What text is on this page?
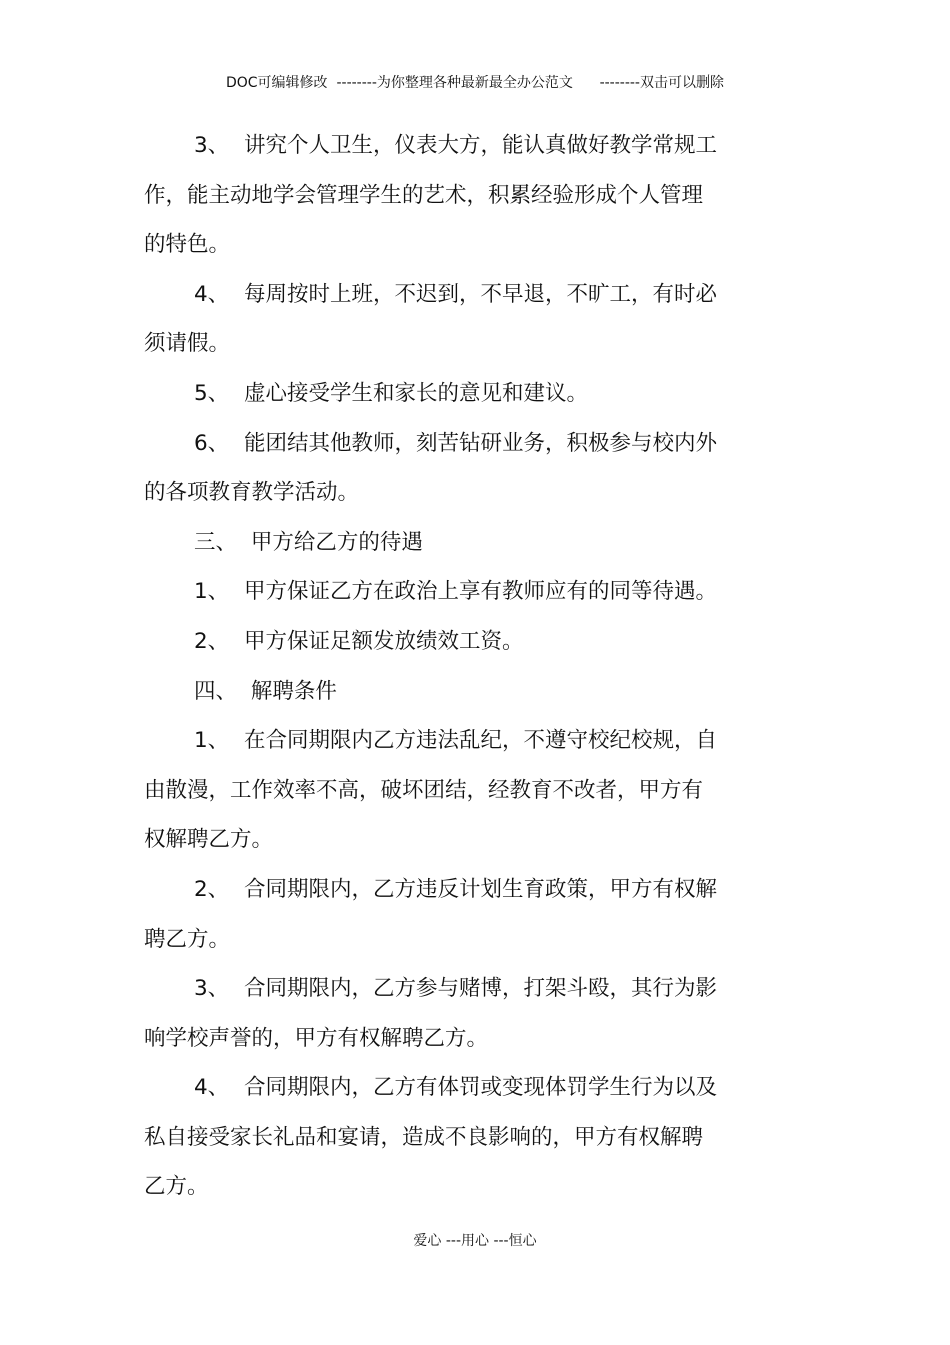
DOC可编辑修改  --------为你整理各种最新最全办公范文      --------双击可以删除
3、 讲究个人卫生，仪表大方，能认真做好教学常规工
作，能主动地学会管理学生的艺术，积累经验形成个人管理
的特色。
4、 每周按时上班，不迟到，不早退，不旷工，有时必
须请假。
5、 虚心接受学生和家长的意见和建议。
6、 能团结其他教师，刻苦钻研业务，积极参与校内外
的各项教育教学活动。
三、 甲方给乙方的待遇
1、 甲方保证乙方在政治上享有教师应有的同等待遇。
2、 甲方保证足额发放绩效工资。
四、 解聘条件
1、 在合同期限内乙方违法乱纪，不遵守校纪校规，自
由散漫，工作效率不高，破坏团结，经教育不改者，甲方有
权解聘乙方。
2、 合同期限内，乙方违反计划生育政策，甲方有权解
聘乙方。
3、 合同期限内，乙方参与赌博，打架斗殴，其行为影
响学校声誉的，甲方有权解聘乙方。
4、 合同期限内，乙方有体罚或变现体罚学生行为以及
私自接受家长礼品和宴请，造成不良影响的，甲方有权解聘
乙方。
爱心 ---用心 ---恒心
